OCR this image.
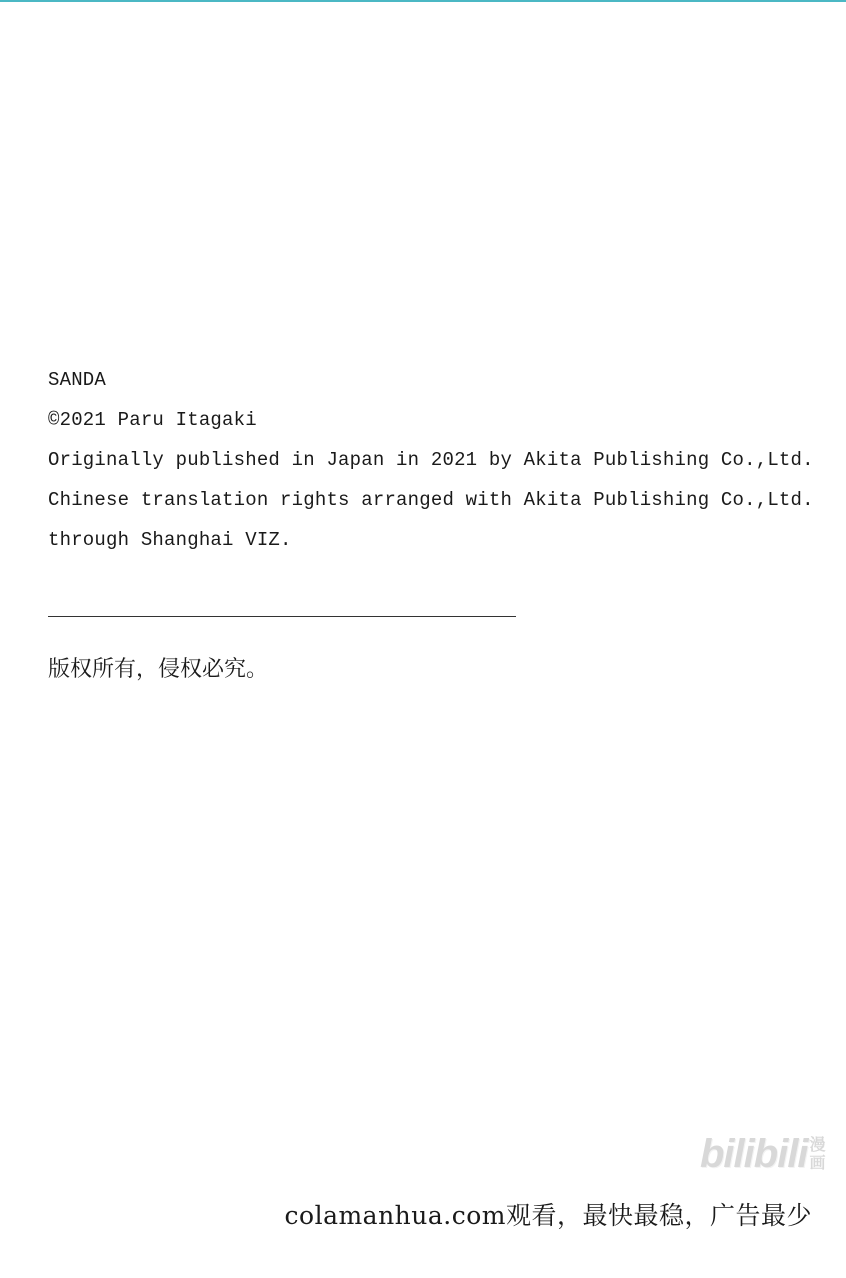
SANDA
©2021 Paru Itagaki
Originally published in Japan in 2021 by Akita Publishing Co.,Ltd.
Chinese translation rights arranged with Akita Publishing Co.,Ltd.
through Shanghai VIZ.
版权所有，侵权必究。
bilibili 漫
画
colamanhua.com观看，最快最稳，广告最少
